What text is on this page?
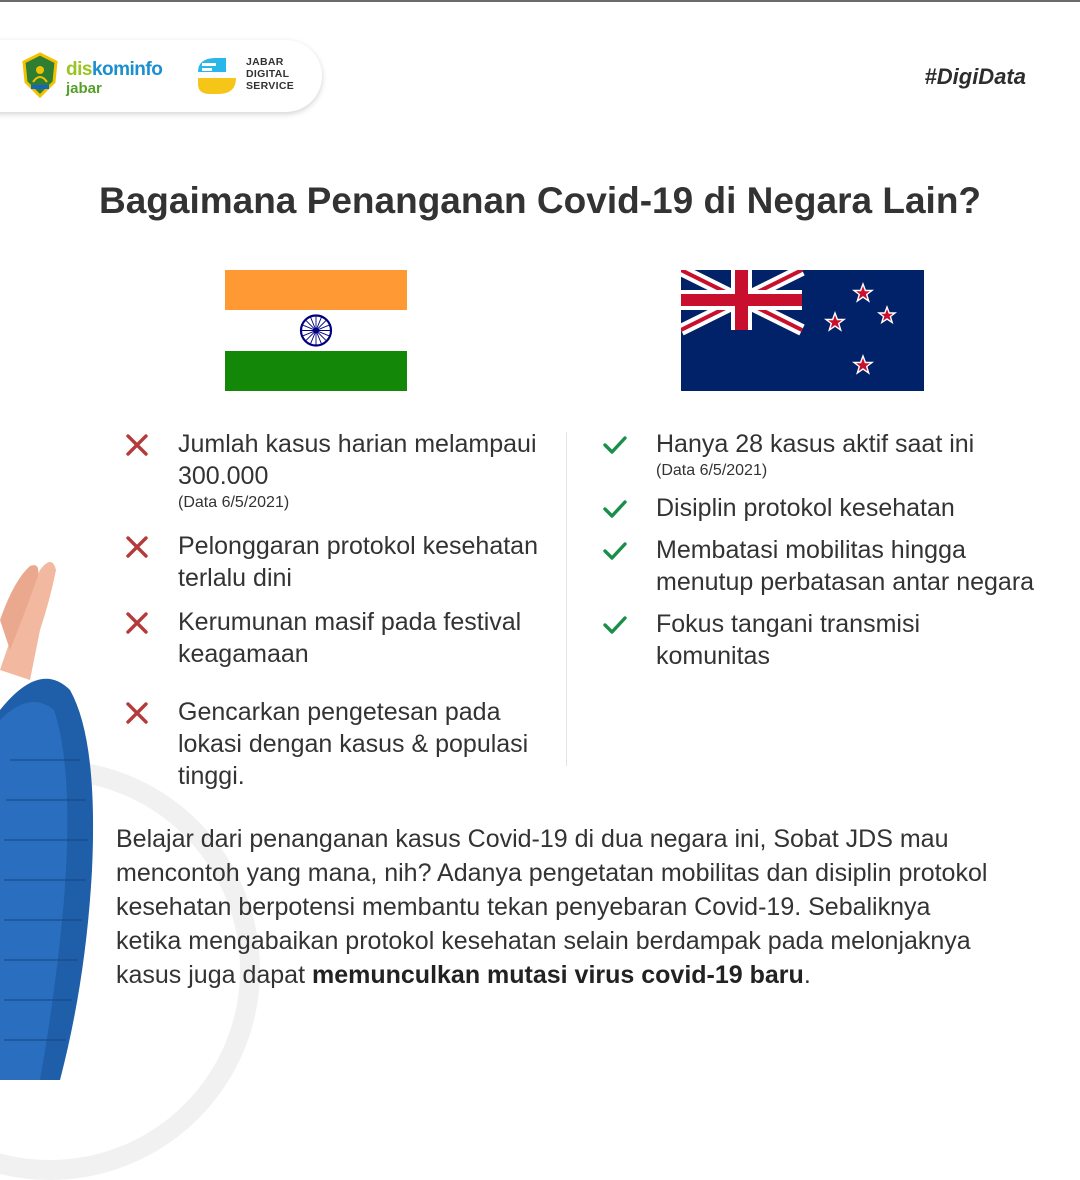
diskominfo
jabar
JABAR
DIGITAL
SERVICE	#DigiData
Bagaimana Penanganan Covid-19 di Negara Lain?
Jumlah kasus harian melampaui 300.000
(Data 6/5/2021)
Pelonggaran protokol kesehatan terlalu dini
Kerumunan masif pada festival keagamaan
Gencarkan pengetesan pada lokasi dengan kasus & populasi tinggi.
Hanya 28 kasus aktif saat ini
(Data 6/5/2021)
Disiplin protokol kesehatan
Membatasi mobilitas hingga menutup perbatasan antar negara
Fokus tangani transmisi komunitas
Belajar dari penanganan kasus Covid-19 di dua negara ini, Sobat JDS mau mencontoh yang mana, nih? Adanya pengetatan mobilitas dan disiplin protokol kesehatan berpotensi membantu tekan penyebaran Covid-19. Sebaliknya ketika mengabaikan protokol kesehatan selain berdampak pada melonjaknya kasus juga dapat memunculkan mutasi virus covid-19 baru.
